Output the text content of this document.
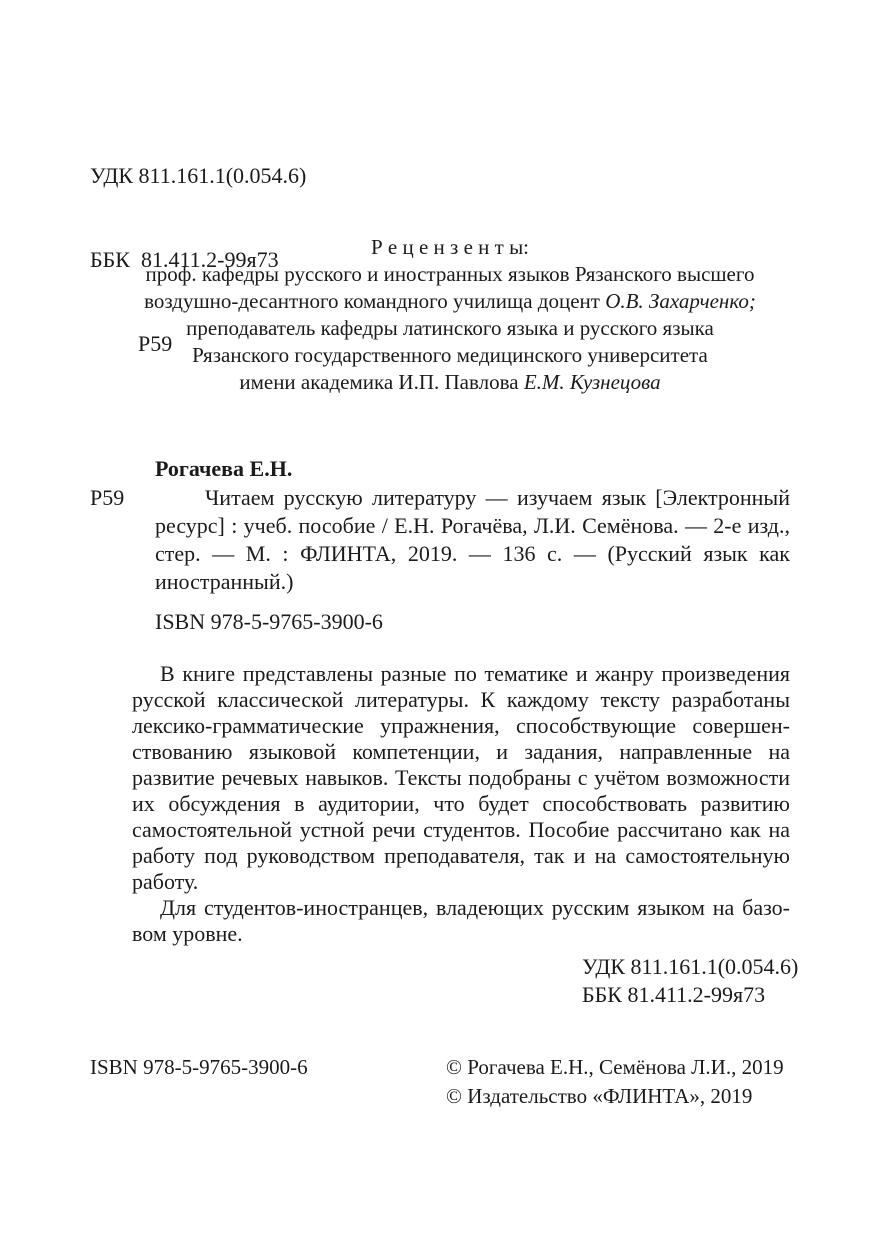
УДК 811.161.1(0.054.6)

ББК  81.411.2-99я73

Р59

Р е ц е н з е н т ы:
проф. кафедры русского и иностранных языков Рязанского высшего
воздушно-десантного командного училища доцент О.В. Захарченко;
преподаватель кафедры латинского языка и русского языка
Рязанского государственного медицинского университета
имени академика И.П. Павлова Е.М. Кузнецова
Рогачева Е.Н.
Р59	Читаем русскую литературу — изучаем язык [Электронный
ресурс] : учеб. пособие / Е.Н. Рогачёва, Л.И. Семёнова. — 2-е изд.,
стер. — М. : ФЛИНТА, 2019. — 136 с. — (Русский язык как
иностранный.)
ISBN 978-5-9765-3900-6
В книге представлены разные по тематике и жанру произведения
русской классической литературы. К каждому тексту разработаны
лексико-грамматические упражнения, способствующие совершен-
ствованию языковой компетенции, и задания, направленные на
развитие речевых навыков. Тексты подобраны с учётом возможности
их обсуждения в аудитории, что будет способствовать развитию
самостоятельной устной речи студентов. Пособие рассчитано как на
работу под руководством преподавателя, так и на самостоятельную
работу.
Для студентов-иностранцев, владеющих русским языком на базо-
вом уровне.
УДК 811.161.1(0.054.6)
ББК 81.411.2-99я73
ISBN 978-5-9765-3900-6	© Рогачева Е.Н., Семёнова Л.И., 2019
© Издательство «ФЛИНТА», 2019
